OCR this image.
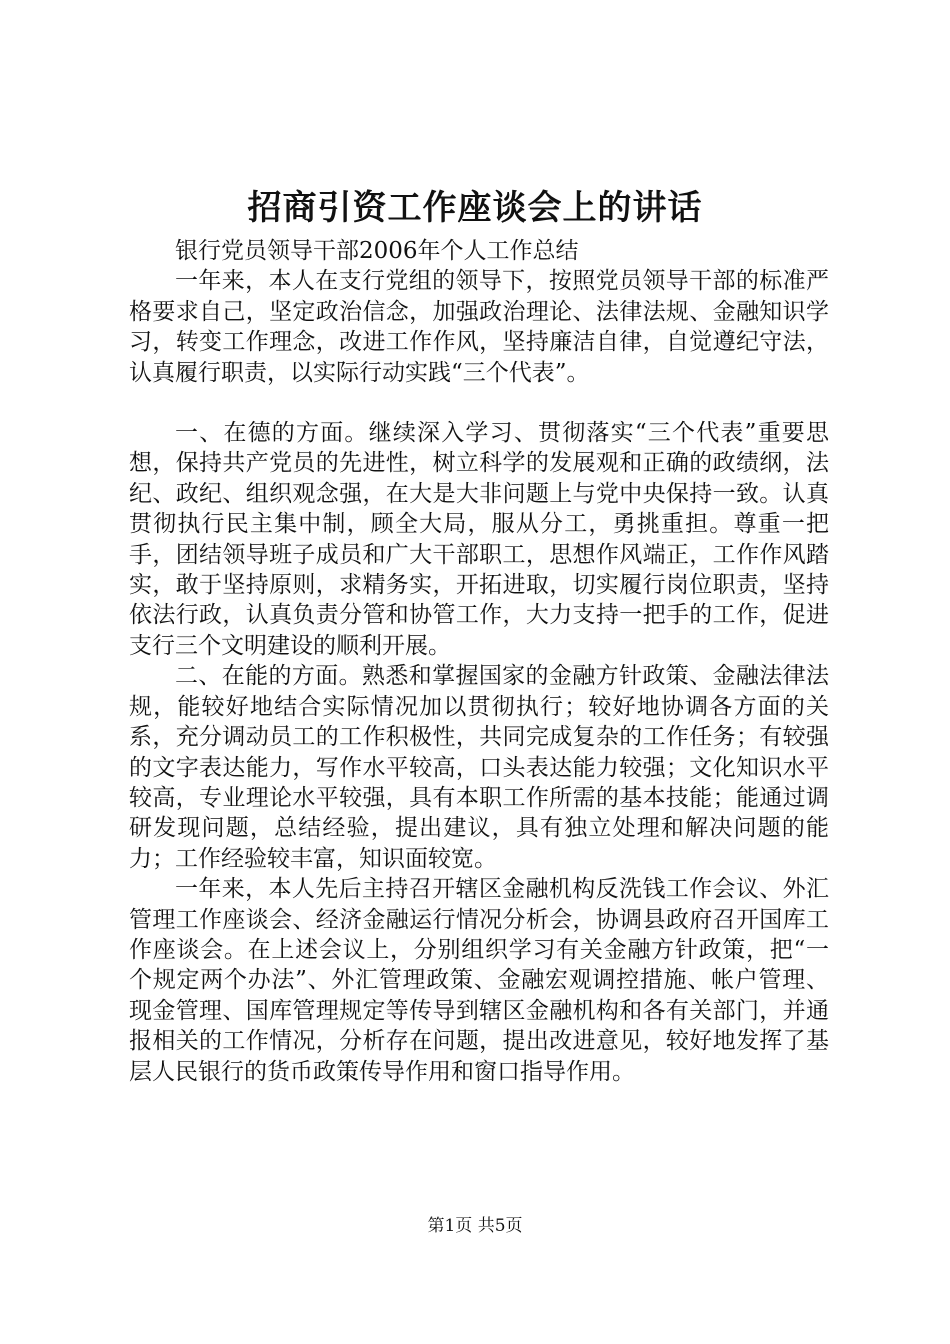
招商引资工作座谈会上的讲话

银行党员领导干部2006年个人工作总结

一年来，本人在支行党组的领导下，按照党员领导干部的标准严格要求自己，坚定政治信念，加强政治理论、法律法规、金融知识学习，转变工作理念，改进工作作风，坚持廉洁自律，自觉遵纪守法，认真履行职责，以实际行动实践“三个代表”。

一、在德的方面。继续深入学习、贯彻落实“三个代表”重要思想，保持共产党员的先进性，树立科学的发展观和正确的政绩纲，法纪、政纪、组织观念强，在大是大非问题上与党中央保持一致。认真贯彻执行民主集中制，顾全大局，服从分工，勇挑重担。尊重一把手，团结领导班子成员和广大干部职工，思想作风端正，工作作风踏实，敢于坚持原则，求精务实，开拓进取，切实履行岗位职责，坚持依法行政，认真负责分管和协管工作，大力支持一把手的工作，促进支行三个文明建设的顺利开展。

二、在能的方面。熟悉和掌握国家的金融方针政策、金融法律法规，能较好地结合实际情况加以贯彻执行；较好地协调各方面的关系，充分调动员工的工作积极性，共同完成复杂的工作任务；有较强的文字表达能力，写作水平较高，口头表达能力较强；文化知识水平较高，专业理论水平较强，具有本职工作所需的基本技能；能通过调研发现问题，总结经验，提出建议，具有独立处理和解决问题的能力；工作经验较丰富，知识面较宽。

一年来，本人先后主持召开辖区金融机构反洗钱工作会议、外汇管理工作座谈会、经济金融运行情况分析会，协调县政府召开国库工作座谈会。在上述会议上，分别组织学习有关金融方针政策，把“一个规定两个办法”、外汇管理政策、金融宏观调控措施、帐户管理、现金管理、国库管理规定等传导到辖区金融机构和各有关部门，并通报相关的工作情况，分析存在问题，提出改进意见，较好地发挥了基层人民银行的货币政策传导作用和窗口指导作用。

第1页 共5页
